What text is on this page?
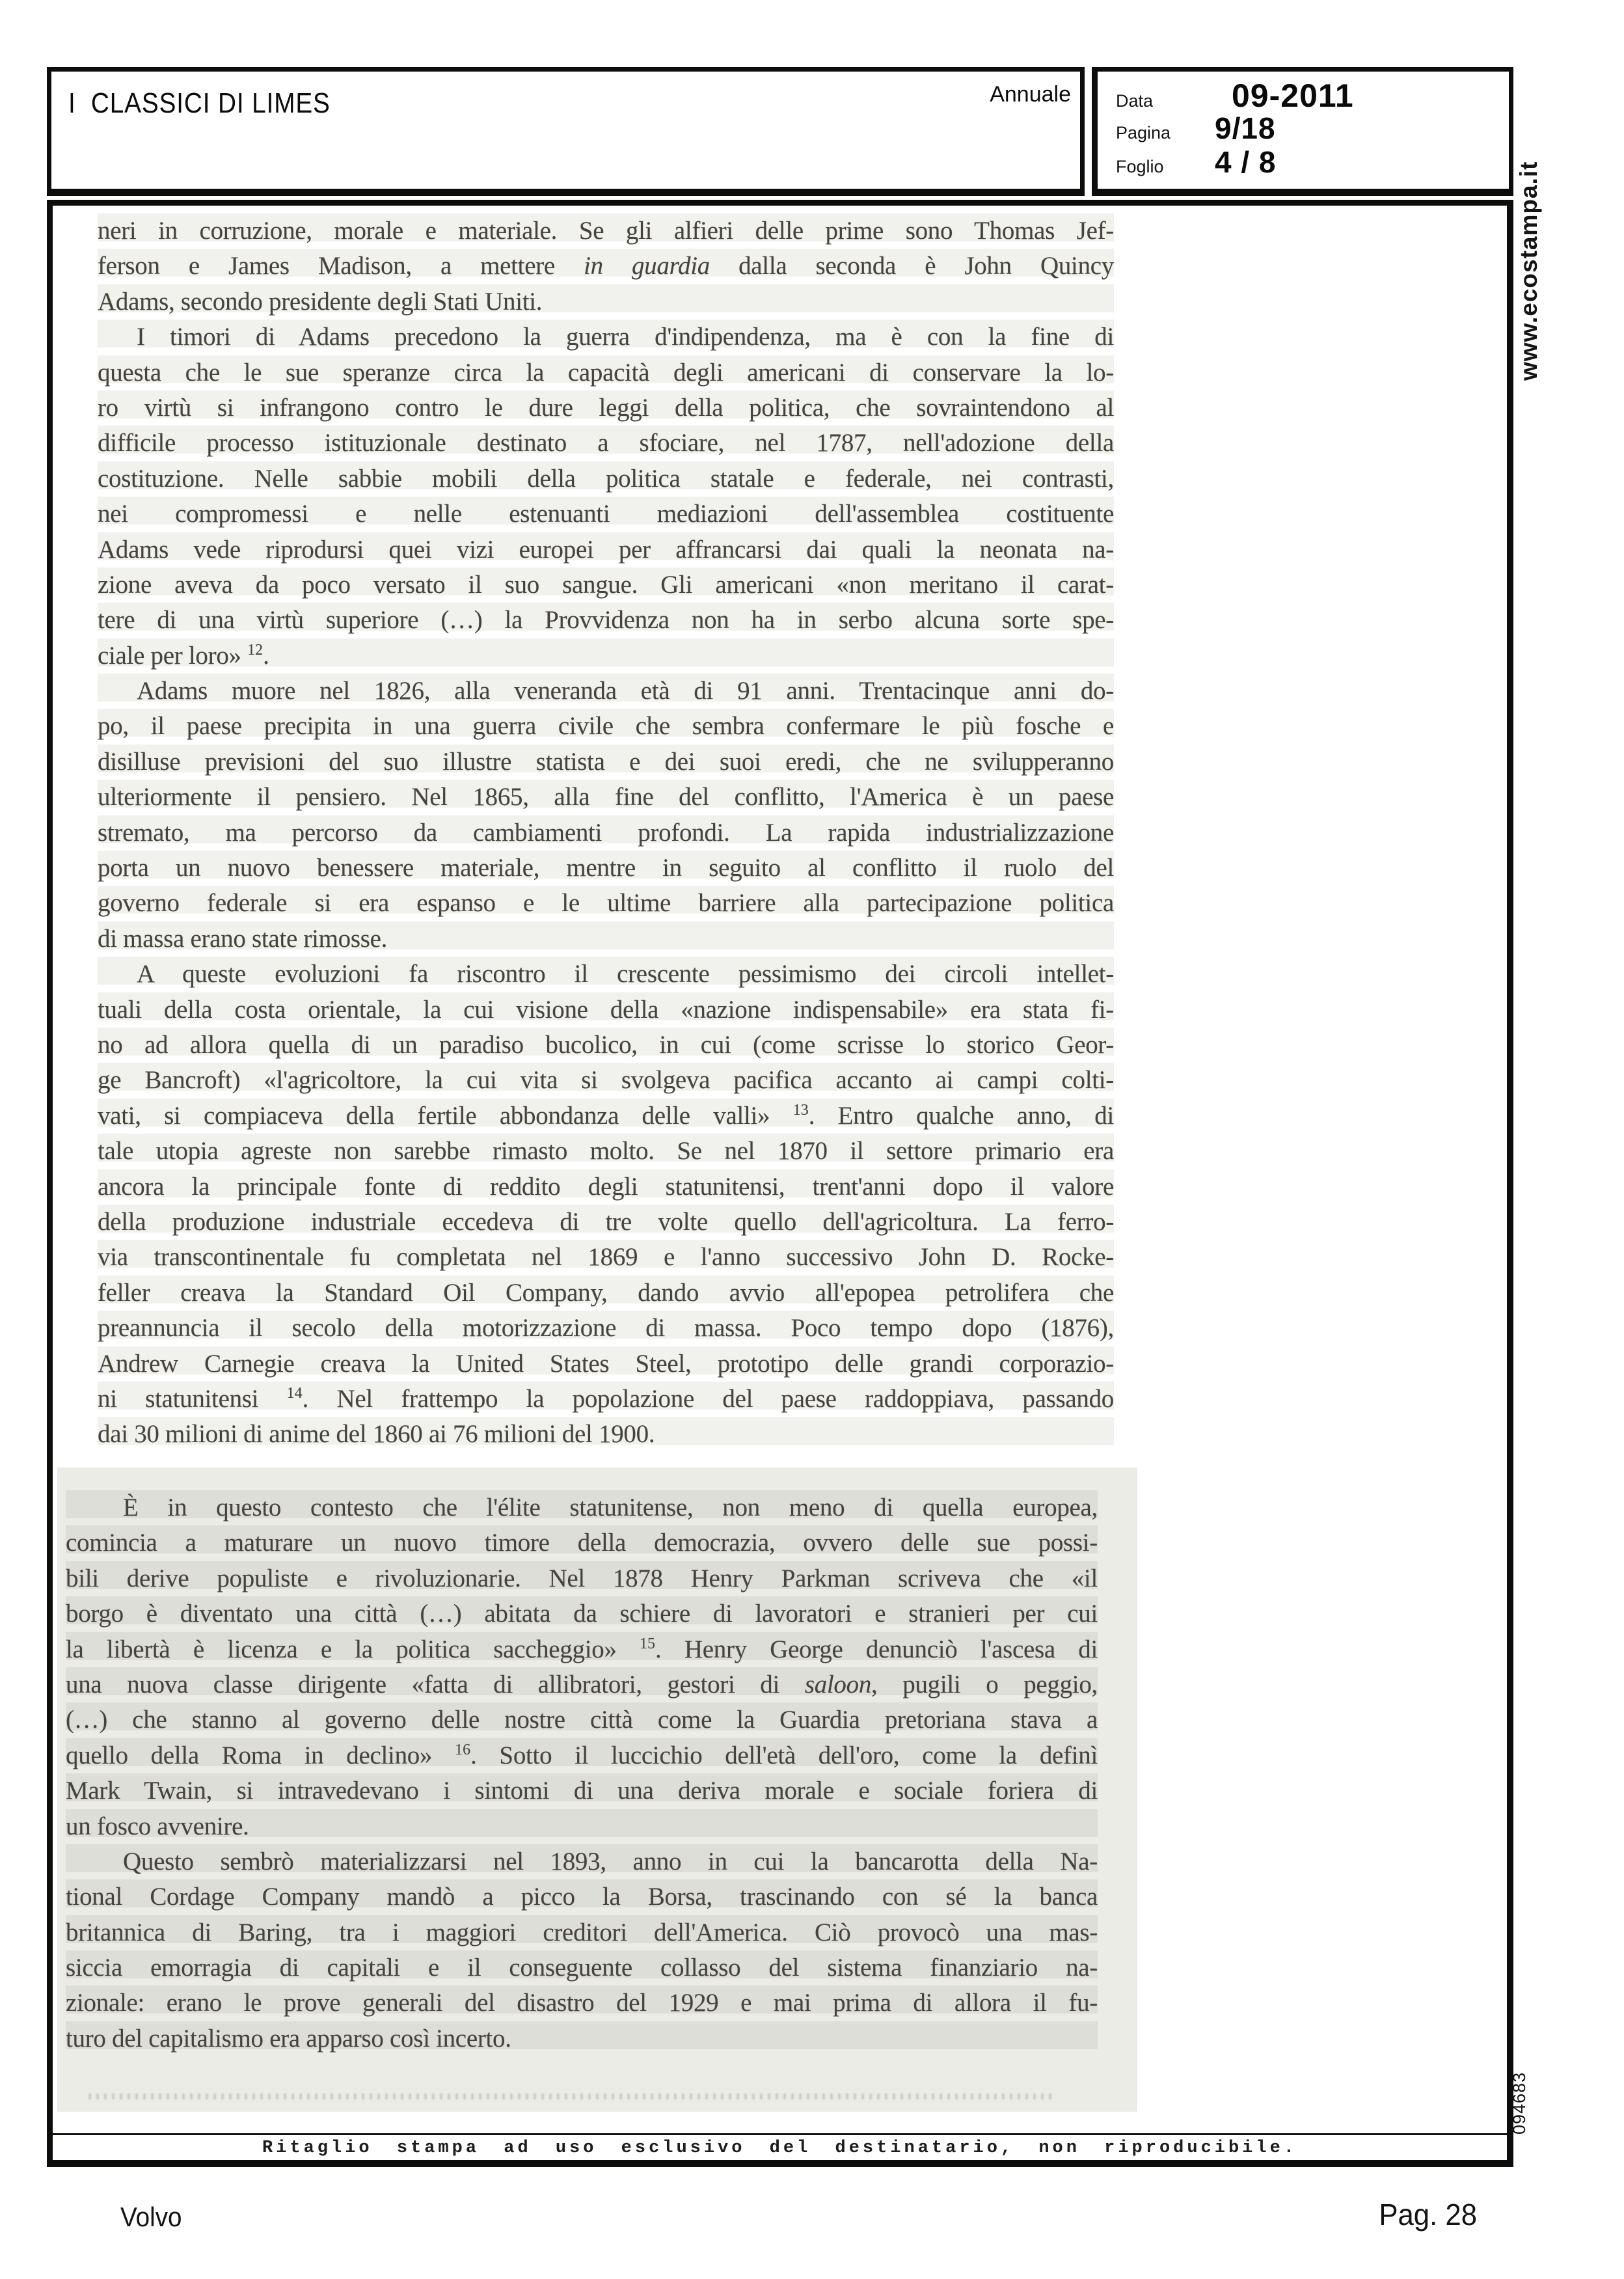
I  CLASSICI DI LIMES	Annuale	Data	09-2011
Pagina	9/18
Foglio	4 / 8
neri in corruzione, morale e materiale. Se gli alfieri delle prime sono Thomas Jef-
ferson e James Madison, a mettere in guardia dalla seconda è John Quincy
Adams, secondo presidente degli Stati Uniti.
I timori di Adams precedono la guerra d'indipendenza, ma è con la fine di
questa che le sue speranze circa la capacità degli americani di conservare la lo-
ro virtù si infrangono contro le dure leggi della politica, che sovraintendono al
difficile processo istituzionale destinato a sfociare, nel 1787, nell'adozione della
costituzione. Nelle sabbie mobili della politica statale e federale, nei contrasti,
nei compromessi e nelle estenuanti mediazioni dell'assemblea costituente
Adams vede riprodursi quei vizi europei per affrancarsi dai quali la neonata na-
zione aveva da poco versato il suo sangue. Gli americani «non meritano il carat-
tere di una virtù superiore (…) la Provvidenza non ha in serbo alcuna sorte spe-
ciale per loro» $^{12}$.
Adams muore nel 1826, alla veneranda età di 91 anni. Trentacinque anni do-
po, il paese precipita in una guerra civile che sembra confermare le più fosche e
disilluse previsioni del suo illustre statista e dei suoi eredi, che ne svilupperanno
ulteriormente il pensiero. Nel 1865, alla fine del conflitto, l'America è un paese
stremato, ma percorso da cambiamenti profondi. La rapida industrializzazione
porta un nuovo benessere materiale, mentre in seguito al conflitto il ruolo del
governo federale si era espanso e le ultime barriere alla partecipazione politica
di massa erano state rimosse.
A queste evoluzioni fa riscontro il crescente pessimismo dei circoli intellet-
tuali della costa orientale, la cui visione della «nazione indispensabile» era stata fi-
no ad allora quella di un paradiso bucolico, in cui (come scrisse lo storico Geor-
ge Bancroft) «l'agricoltore, la cui vita si svolgeva pacifica accanto ai campi colti-
vati, si compiaceva della fertile abbondanza delle valli» $^{13}$. Entro qualche anno, di
tale utopia agreste non sarebbe rimasto molto. Se nel 1870 il settore primario era
ancora la principale fonte di reddito degli statunitensi, trent'anni dopo il valore
della produzione industriale eccedeva di tre volte quello dell'agricoltura. La ferro-
via transcontinentale fu completata nel 1869 e l'anno successivo John D. Rocke-
feller creava la Standard Oil Company, dando avvio all'epopea petrolifera che
preannuncia il secolo della motorizzazione di massa. Poco tempo dopo (1876),
Andrew Carnegie creava la United States Steel, prototipo delle grandi corporazio-
ni statunitensi $^{14}$. Nel frattempo la popolazione del paese raddoppiava, passando
dai 30 milioni di anime del 1860 ai 76 milioni del 1900.
È in questo contesto che l'élite statunitense, non meno di quella europea,
comincia a maturare un nuovo timore della democrazia, ovvero delle sue possi-
bili derive populiste e rivoluzionarie. Nel 1878 Henry Parkman scriveva che «il
borgo è diventato una città (…) abitata da schiere di lavoratori e stranieri per cui
la libertà è licenza e la politica saccheggio» $^{15}$. Henry George denunciò l'ascesa di
una nuova classe dirigente «fatta di allibratori, gestori di saloon, pugili o peggio,
(…) che stanno al governo delle nostre città come la Guardia pretoriana stava a
quello della Roma in declino» $^{16}$. Sotto il luccichio dell'età dell'oro, come la definì
Mark Twain, si intravedevano i sintomi di una deriva morale e sociale foriera di
un fosco avvenire.
Questo sembrò materializzarsi nel 1893, anno in cui la bancarotta della Na-
tional Cordage Company mandò a picco la Borsa, trascinando con sé la banca
britannica di Baring, tra i maggiori creditori dell'America. Ciò provocò una mas-
siccia emorragia di capitali e il conseguente collasso del sistema finanziario na-
zionale: erano le prove generali del disastro del 1929 e mai prima di allora il fu-
turo del capitalismo era apparso così incerto.
www.ecostampa.it
094683
Ritaglio stampa ad uso esclusivo del destinatario, non riproducibile.
Volvo	Pag. 28
